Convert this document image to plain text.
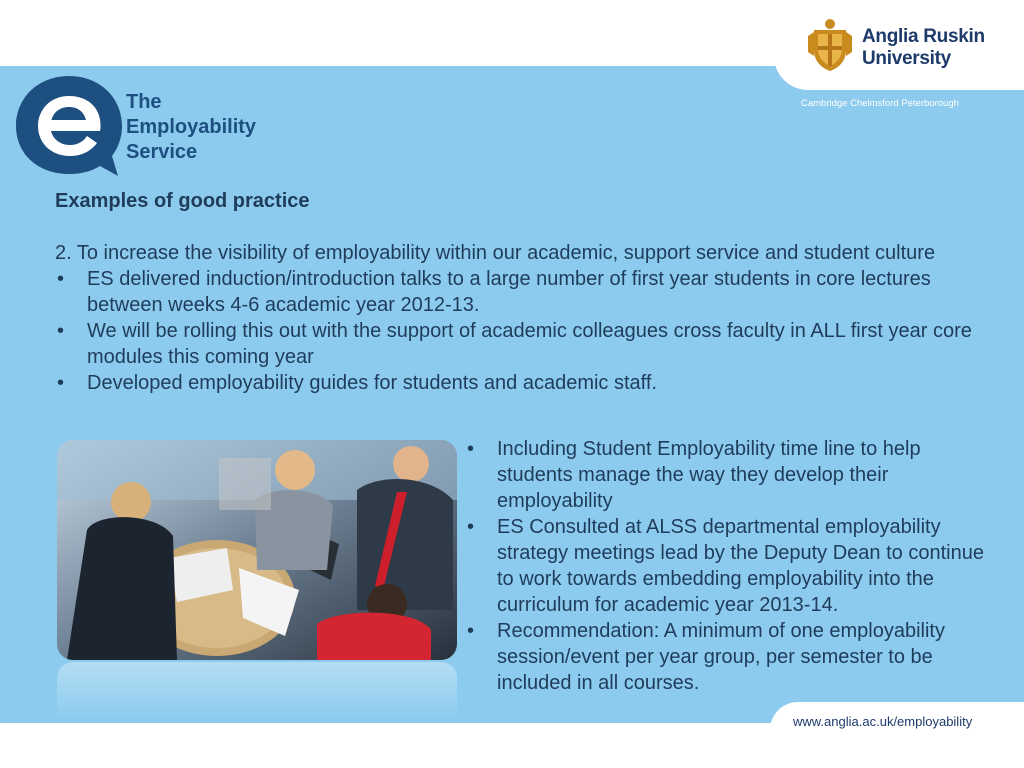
The
Employability
Service
Anglia Ruskin
University
Cambridge Chelmsford Peterborough

Examples of good practice

2. To increase the visibility of employability within our academic, support service and student culture

• ES delivered induction/introduction talks to a large number of first year students in core lectures between weeks 4-6 academic year 2012-13.
• We will be rolling this out with the support of academic colleagues cross faculty in ALL first year core modules this coming year
• Developed employability guides for students and academic staff.
• Including Student Employability time line to help students manage the way they develop their employability
• ES Consulted at ALSS departmental employability strategy meetings lead by the Deputy Dean to continue to work towards embedding employability into the curriculum for academic year 2013-14.
• Recommendation: A minimum of one employability session/event per year group, per semester to be included in all courses.
www.anglia.ac.uk/employability
